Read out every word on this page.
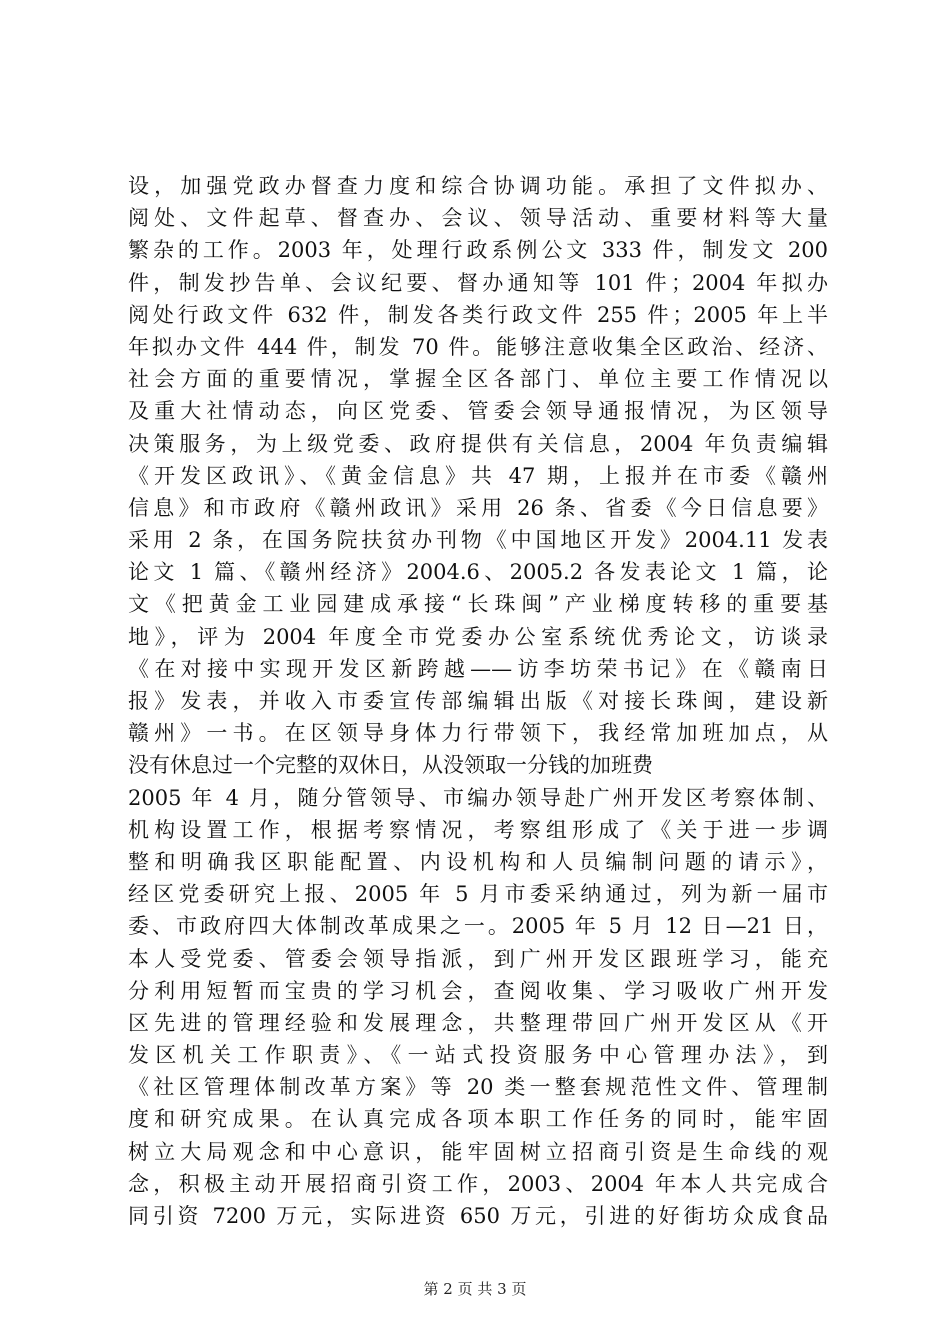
设，加强党政办督查力度和综合协调功能。承担了文件拟办、
阅处、文件起草、督查办、会议、领导活动、重要材料等大量
繁杂的工作。2003 年，处理行政系例公文 333 件，制发文 200
件，制发抄告单、会议纪要、督办通知等 101 件；2004 年拟办
阅处行政文件 632 件，制发各类行政文件 255 件；2005 年上半
年拟办文件 444 件，制发 70 件。能够注意收集全区政治、经济、
社会方面的重要情况，掌握全区各部门、单位主要工作情况以
及重大社情动态，向区党委、管委会领导通报情况，为区领导
决策服务，为上级党委、政府提供有关信息，2004 年负责编辑
《开发区政讯》、《黄金信息》共 47 期，上报并在市委《赣州
信息》和市政府《赣州政讯》采用 26 条、省委《今日信息要》
采用 2 条，在国务院扶贫办刊物《中国地区开发》2004.11 发表
论文 1 篇、《赣州经济》2004.6、2005.2 各发表论文 1 篇，论
文《把黄金工业园建成承接“长珠闽”产业梯度转移的重要基
地》，评为 2004 年度全市党委办公室系统优秀论文，访谈录
《在对接中实现开发区新跨越——访李坊荣书记》在《赣南日
报》发表，并收入市委宣传部编辑出版《对接长珠闽，建设新
赣州》一书。在区领导身体力行带领下，我经常加班加点，从
没有休息过一个完整的双休日，从没领取一分钱的加班费
2005 年 4 月，随分管领导、市编办领导赴广州开发区考察体制、
机构设置工作，根据考察情况，考察组形成了《关于进一步调
整和明确我区职能配置、内设机构和人员编制问题的请示》，
经区党委研究上报、2005 年 5 月市委采纳通过，列为新一届市
委、市政府四大体制改革成果之一。2005 年 5 月 12 日—21 日，
本人受党委、管委会领导指派，到广州开发区跟班学习，能充
分利用短暂而宝贵的学习机会，查阅收集、学习吸收广州开发
区先进的管理经验和发展理念，共整理带回广州开发区从《开
发区机关工作职责》、《一站式投资服务中心管理办法》，到
《社区管理体制改革方案》等 20 类一整套规范性文件、管理制
度和研究成果。在认真完成各项本职工作任务的同时，能牢固
树立大局观念和中心意识，能牢固树立招商引资是生命线的观
念，积极主动开展招商引资工作，2003、2004 年本人共完成合
同引资 7200 万元，实际进资 650 万元，引进的好街坊众成食品
第 2 页 共 3 页
